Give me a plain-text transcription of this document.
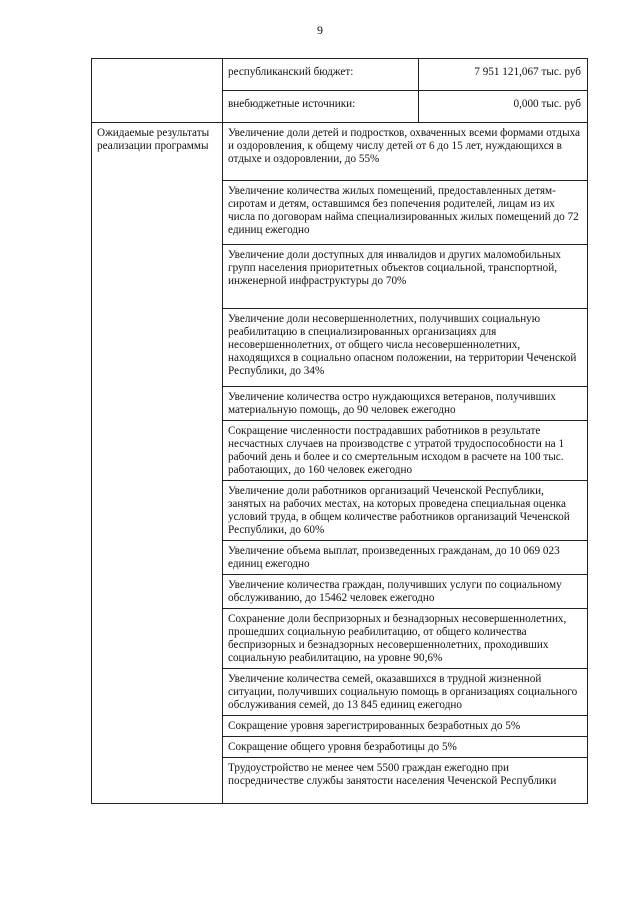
9
	республиканский бюджет:	7 951 121,067 тыс. руб
	внебюджетные источники:	0,000 тыс. руб
Ожидаемые результаты реализации программы	Увеличение доли детей и подростков, охваченных всеми формами отдыха и оздоровления, к общему числу детей от 6 до 15 лет, нуждающихся в отдыхе и оздоровлении, до 55%	
	Увеличение количества жилых помещений, предоставленных детям-сиротам и детям, оставшимся без попечения родителей, лицам из их числа по договорам найма специализированных жилых помещений до 72 единиц ежегодно	
	Увеличение доли доступных для инвалидов и других маломобильных групп населения приоритетных объектов социальной, транспортной, инженерной инфраструктуры до 70%	
	Увеличение доли несовершеннолетних, получивших социальную реабилитацию в специализированных организациях для несовершеннолетних, от общего числа несовершеннолетних, находящихся в социально опасном положении, на территории Чеченской Республики, до 34%	
	Увеличение количества остро нуждающихся ветеранов, получивших материальную помощь, до 90 человек ежегодно	
	Сокращение численности пострадавших работников в результате несчастных случаев на производстве с утратой трудоспособности на 1 рабочий день и более и со смертельным исходом в расчете на 100 тыс. работающих, до 160 человек ежегодно	
	Увеличение доли работников организаций Чеченской Республики, занятых на рабочих местах, на которых проведена специальная оценка условий труда, в общем количестве работников организаций Чеченской Республики, до 60%	
	Увеличение объема выплат, произведенных гражданам, до 10 069 023 единиц ежегодно	
	Увеличение количества граждан, получивших услуги по социальному обслуживанию, до 15462 человек ежегодно	
	Сохранение доли беспризорных и безнадзорных несовершеннолетних, прошедших социальную реабилитацию, от общего количества беспризорных и безнадзорных несовершеннолетних, проходивших социальную реабилитацию, на уровне 90,6%	
	Увеличение количества семей, оказавшихся в трудной жизненной ситуации, получивших социальную помощь в организациях социального обслуживания семей, до 13 845 единиц ежегодно	
	Сокращение уровня зарегистрированных безработных до 5%	
	Сокращение общего уровня безработицы до 5%	
	Трудоустройство не менее чем 5500 граждан ежегодно при посредничестве службы занятости населения Чеченской Республики	
